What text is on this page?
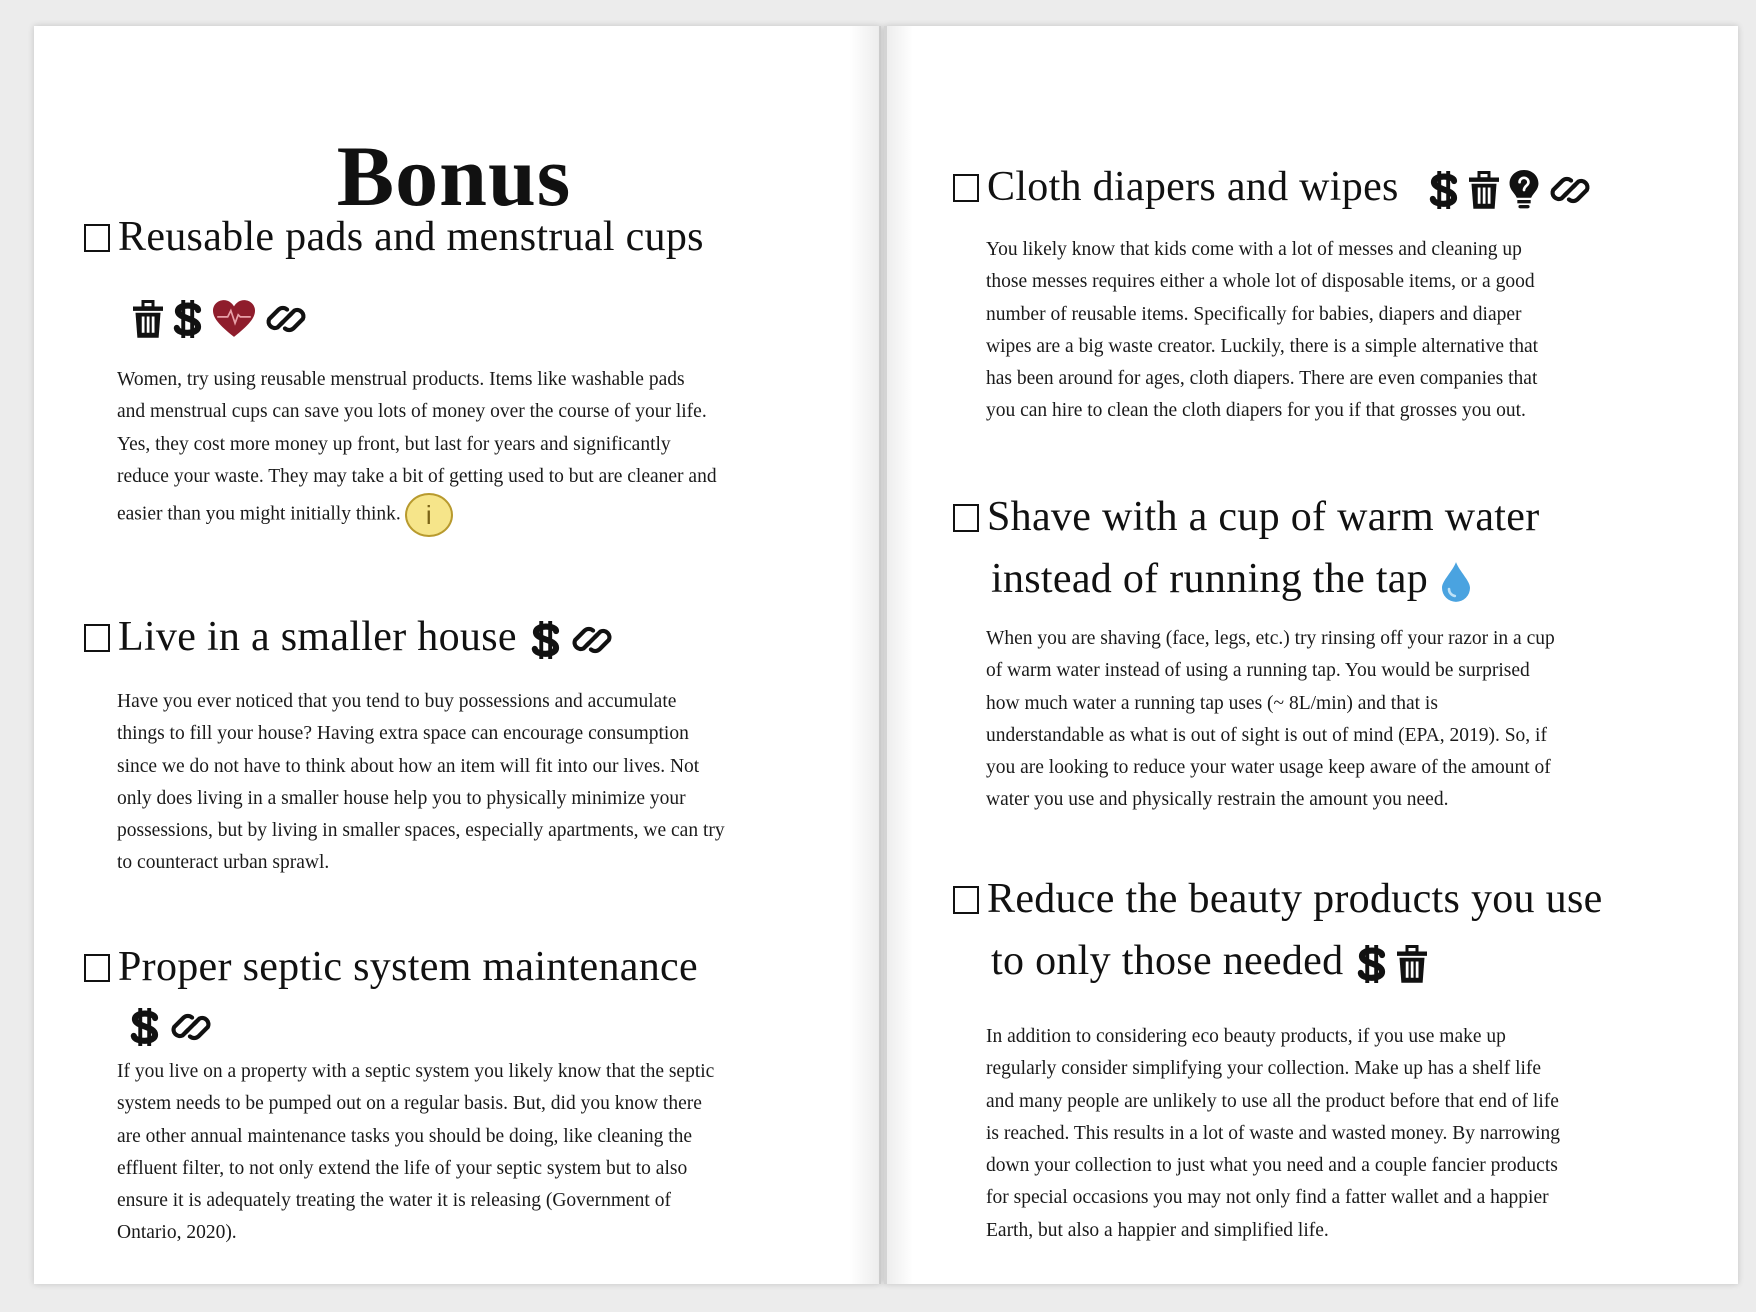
Bonus
Reusable pads and menstrual cups
Women, try using reusable menstrual products. Items like washable pads
and menstrual cups can save you lots of money over the course of your life.
Yes, they cost more money up front, but last for years and significantly
reduce your waste. They may take a bit of getting used to but are cleaner and
easier than you might initially think. i
Live in a smaller house
Have you ever noticed that you tend to buy possessions and accumulate
things to fill your house? Having extra space can encourage consumption
since we do not have to think about how an item will fit into our lives. Not
only does living in a smaller house help you to physically minimize your
possessions, but by living in smaller spaces, especially apartments, we can try
to counteract urban sprawl.
Proper septic system maintenance
If you live on a property with a septic system you likely know that the septic
system needs to be pumped out on a regular basis. But, did you know there
are other annual maintenance tasks you should be doing, like cleaning the
effluent filter, to not only extend the life of your septic system but to also
ensure it is adequately treating the water it is releasing (Government of
Ontario, 2020).
Cloth diapers and wipes
You likely know that kids come with a lot of messes and cleaning up
those messes requires either a whole lot of disposable items, or a good
number of reusable items. Specifically for babies, diapers and diaper
wipes are a big waste creator. Luckily, there is a simple alternative that
has been around for ages, cloth diapers. There are even companies that
you can hire to clean the cloth diapers for you if that grosses you out.
Shave with a cup of warm water
instead of running the tap
When you are shaving (face, legs, etc.) try rinsing off your razor in a cup
of warm water instead of using a running tap. You would be surprised
how much water a running tap uses (~ 8L/min) and that is
understandable as what is out of sight is out of mind (EPA, 2019). So, if
you are looking to reduce your water usage keep aware of the amount of
water you use and physically restrain the amount you need.
Reduce the beauty products you use
to only those needed
In addition to considering eco beauty products, if you use make up
regularly consider simplifying your collection. Make up has a shelf life
and many people are unlikely to use all the product before that end of life
is reached. This results in a lot of waste and wasted money. By narrowing
down your collection to just what you need and a couple fancier products
for special occasions you may not only find a fatter wallet and a happier
Earth, but also a happier and simplified life.
